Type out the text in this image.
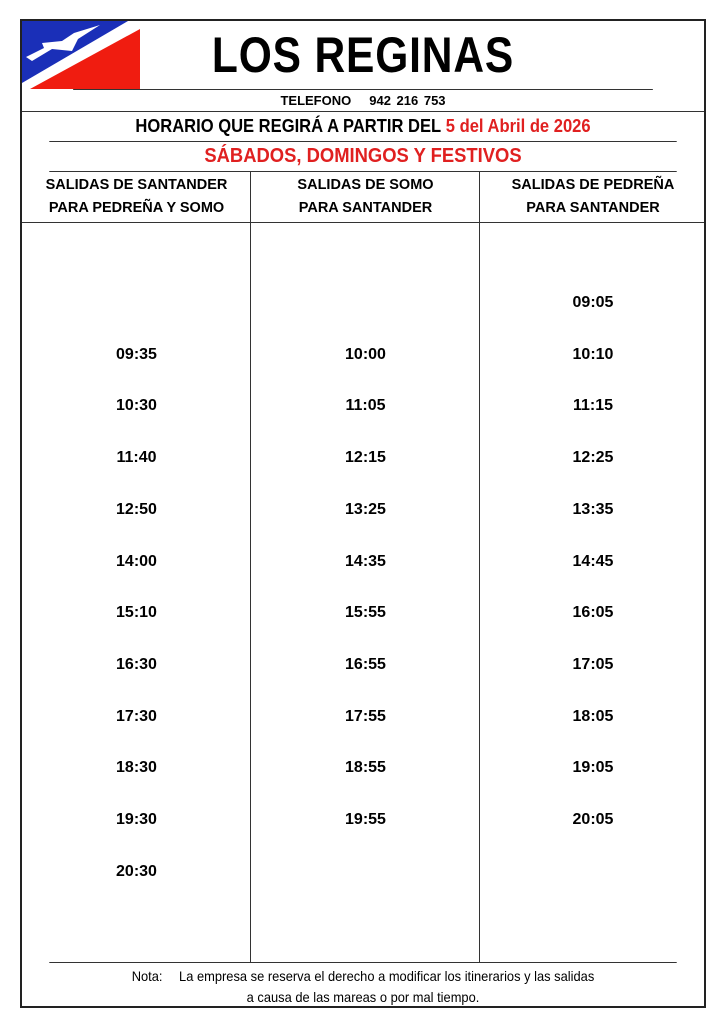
LOS REGINAS
TELEFONO 942 216 753
HORARIO QUE REGIRÁ A PARTIR DEL
5 del Abril de 2026
SÁBADOS, DOMINGOS Y FESTIVOS
SALIDAS DE SANTANDER
PARA PEDREÑA Y SOMO
SALIDAS DE SOMO
PARA SANTANDER
SALIDAS DE PEDREÑA
PARA SANTANDER
09:35
10:30
11:40
12:50
14:00
15:10
16:30
17:30
18:30
19:30
20:30
10:00
11:05
12:15
13:25
14:35
15:55
16:55
17:55
18:55
19:55
09:05
10:10
11:15
12:25
13:35
14:45
16:05
17:05
18:05
19:05
20:05
Nota: La empresa se reserva el derecho a modificar los itinerarios y las salidas
a causa de las mareas o por mal tiempo.
